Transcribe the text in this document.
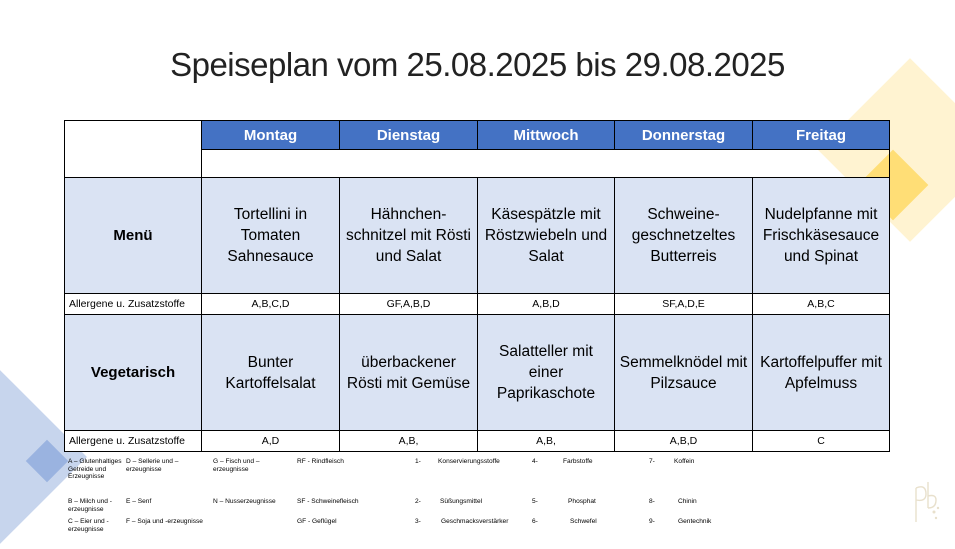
Speiseplan vom 25.08.2025 bis 29.08.2025
	Montag	Dienstag	Mittwoch	Donnerstag	Freitag

Menü	Tortellini in Tomaten Sahnesauce	Hähnchen-schnitzel mit Rösti und Salat	Käsespätzle mit Röstzwiebeln und Salat	Schweine-geschnetzeltes Butterreis	Nudelpfanne mit Frischkäsesauce und Spinat
Allergene u. Zusatzstoffe	A,B,C,D	GF,A,B,D	A,B,D	SF,A,D,E	A,B,C
Vegetarisch	Bunter Kartoffelsalat	überbackener Rösti mit Gemüse	Salatteller mit einer Paprikaschote	Semmelknödel mit Pilzsauce	Kartoffelpuffer mit Apfelmuss
Allergene u. Zusatzstoffe	A,D	A,B,	A,B,	A,B,D	C
A – Glutenhaltiges Getreide und Erzeugnisse
B – Milch und -erzeugnisse
C – Eier und -erzeugnisse
D – Sellerie und –erzeugnisse
E – Senf
F – Soja und -erzeugnisse
G – Fisch und –erzeugnisse
N – Nusserzeugnisse
RF - Rindfleisch
SF - Schweinefleisch
GF - Geflügel
1-	Konservierungsstoffe
2-	Süßungsmittel
3-	Geschmacksverstärker
4-	Farbstoffe
5-	Phosphat
6-	Schwefel
7-	Koffein
8-	Chinin
9-	Gentechnik
